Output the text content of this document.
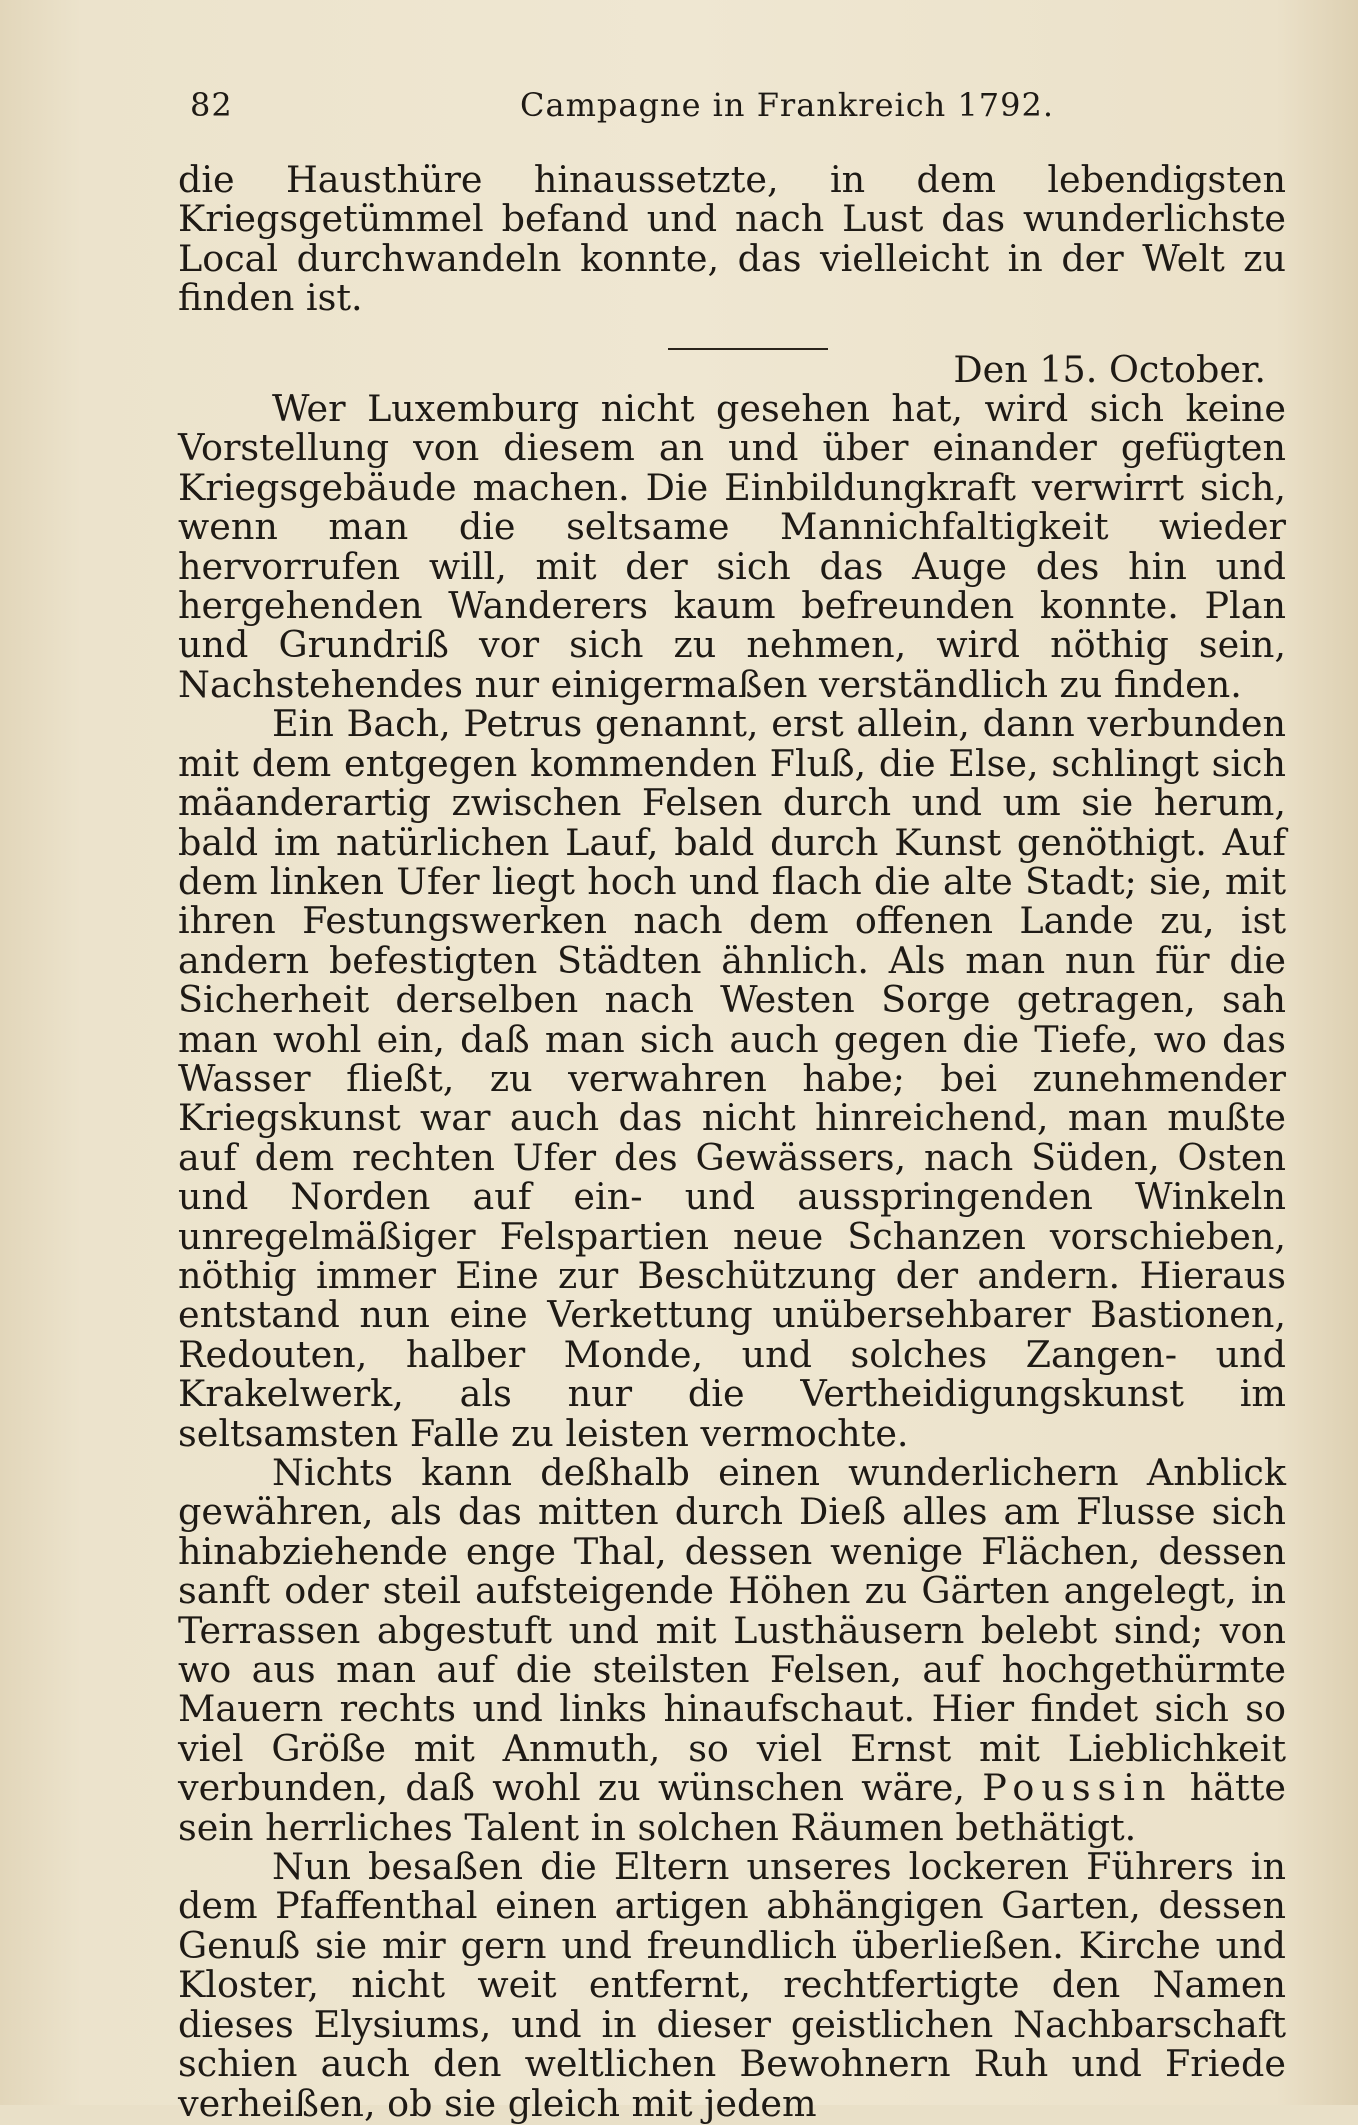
82	Campagne in Frankreich 1792.

die Hausthüre hinaussetzte, in dem lebendigsten Kriegsgetümmel befand und nach Lust das wunderlichste Local durchwandeln konnte, das vielleicht in der Welt zu finden ist.

Den 15. October.

Wer Luxemburg nicht gesehen hat, wird sich keine Vorstellung von diesem an und über einander gefügten Kriegsgebäude machen. Die Einbildungkraft verwirrt sich, wenn man die seltsame Mannichfaltigkeit wieder hervorrufen will, mit der sich das Auge des hin und hergehenden Wanderers kaum befreunden konnte. Plan und Grundriß vor sich zu nehmen, wird nöthig sein, Nachstehendes nur einigermaßen verständlich zu finden.

Ein Bach, Petrus genannt, erst allein, dann verbunden mit dem entgegen kommenden Fluß, die Else, schlingt sich mäanderartig zwischen Felsen durch und um sie herum, bald im natürlichen Lauf, bald durch Kunst genöthigt. Auf dem linken Ufer liegt hoch und flach die alte Stadt; sie, mit ihren Festungswerken nach dem offenen Lande zu, ist andern befestigten Städten ähnlich. Als man nun für die Sicherheit derselben nach Westen Sorge getragen, sah man wohl ein, daß man sich auch gegen die Tiefe, wo das Wasser fließt, zu verwahren habe; bei zunehmender Kriegskunst war auch das nicht hinreichend, man mußte auf dem rechten Ufer des Gewässers, nach Süden, Osten und Norden auf ein- und ausspringenden Winkeln unregelmäßiger Felspartien neue Schanzen vorschieben, nöthig immer Eine zur Beschützung der andern. Hieraus entstand nun eine Verkettung unübersehbarer Bastionen, Redouten, halber Monde, und solches Zangen- und Krakelwerk, als nur die Vertheidigungskunst im seltsamsten Falle zu leisten vermochte.

Nichts kann deßhalb einen wunderlichern Anblick gewähren, als das mitten durch Dieß alles am Flusse sich hinabziehende enge Thal, dessen wenige Flächen, dessen sanft oder steil aufsteigende Höhen zu Gärten angelegt, in Terrassen abgestuft und mit Lusthäusern belebt sind; von wo aus man auf die steilsten Felsen, auf hochgethürmte Mauern rechts und links hinaufschaut. Hier findet sich so viel Größe mit Anmuth, so viel Ernst mit Lieblichkeit verbunden, daß wohl zu wünschen wäre, Poussin hätte sein herrliches Talent in solchen Räumen bethätigt.

Nun besaßen die Eltern unseres lockeren Führers in dem Pfaffenthal einen artigen abhängigen Garten, dessen Genuß sie mir gern und freundlich überließen. Kirche und Kloster, nicht weit entfernt, rechtfertigte den Namen dieses Elysiums, und in dieser geistlichen Nachbarschaft schien auch den weltlichen Bewohnern Ruh und Friede verheißen, ob sie gleich mit jedem
